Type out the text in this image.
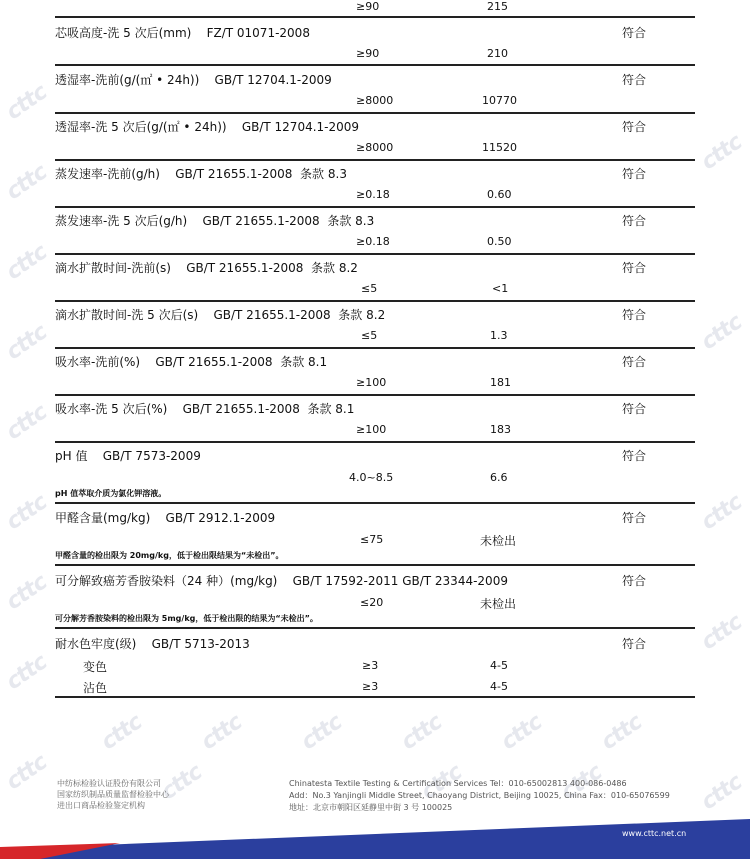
cttc
cttc
cttc
cttc
cttc
cttc
cttc
cttc
cttc
cttc
cttc
cttc
cttc
cttc
cttc cttc cttc cttc cttc cttc
cttc	cttc	cttc
≥90	215
芯吸高度-洗 5 次后(mm)    FZ/T 01071-2008	符合
≥90	210
透湿率-洗前(g/(㎡ • 24h))    GB/T 12704.1-2009	符合
≥8000	10770
透湿率-洗 5 次后(g/(㎡ • 24h))    GB/T 12704.1-2009	符合
≥8000	11520
蒸发速率-洗前(g/h)    GB/T 21655.1-2008  条款 8.3	符合
≥0.18	0.60
蒸发速率-洗 5 次后(g/h)    GB/T 21655.1-2008  条款 8.3	符合
≥0.18	0.50
滴水扩散时间-洗前(s)    GB/T 21655.1-2008  条款 8.2	符合
≤5	<1
滴水扩散时间-洗 5 次后(s)    GB/T 21655.1-2008  条款 8.2	符合
≤5	1.3
吸水率-洗前(%)    GB/T 21655.1-2008  条款 8.1	符合
≥100	181
吸水率-洗 5 次后(%)    GB/T 21655.1-2008  条款 8.1	符合
≥100	183
pH 值    GB/T 7573-2009	符合
4.0~8.5	6.6
pH 值萃取介质为氯化钾溶液。
甲醛含量(mg/kg)    GB/T 2912.1-2009	符合
≤75	未检出
甲醛含量的检出限为 20mg/kg，低于检出限结果为“未检出”。
可分解致癌芳香胺染料（24 种）(mg/kg)    GB/T 17592-2011 GB/T 23344-2009	符合
≤20	未检出
可分解芳香胺染料的检出限为 5mg/kg，低于检出限的结果为“未检出”。
耐水色牢度(级)    GB/T 5713-2013	符合
变色	≥3	4-5
沾色	≥3	4-5
中纺标检验认证股份有限公司
国家纺织制品质量监督检验中心
进出口商品检验鉴定机构
Chinatesta Textile Testing & Certification Services Tel：010-65002813 400-086-0486
Add：No.3 Yanjingli Middle Street, Chaoyang District, Beijing 10025, China Fax：010-65076599
地址：北京市朝阳区延静里中街 3 号 100025
www.cttc.net.cn
